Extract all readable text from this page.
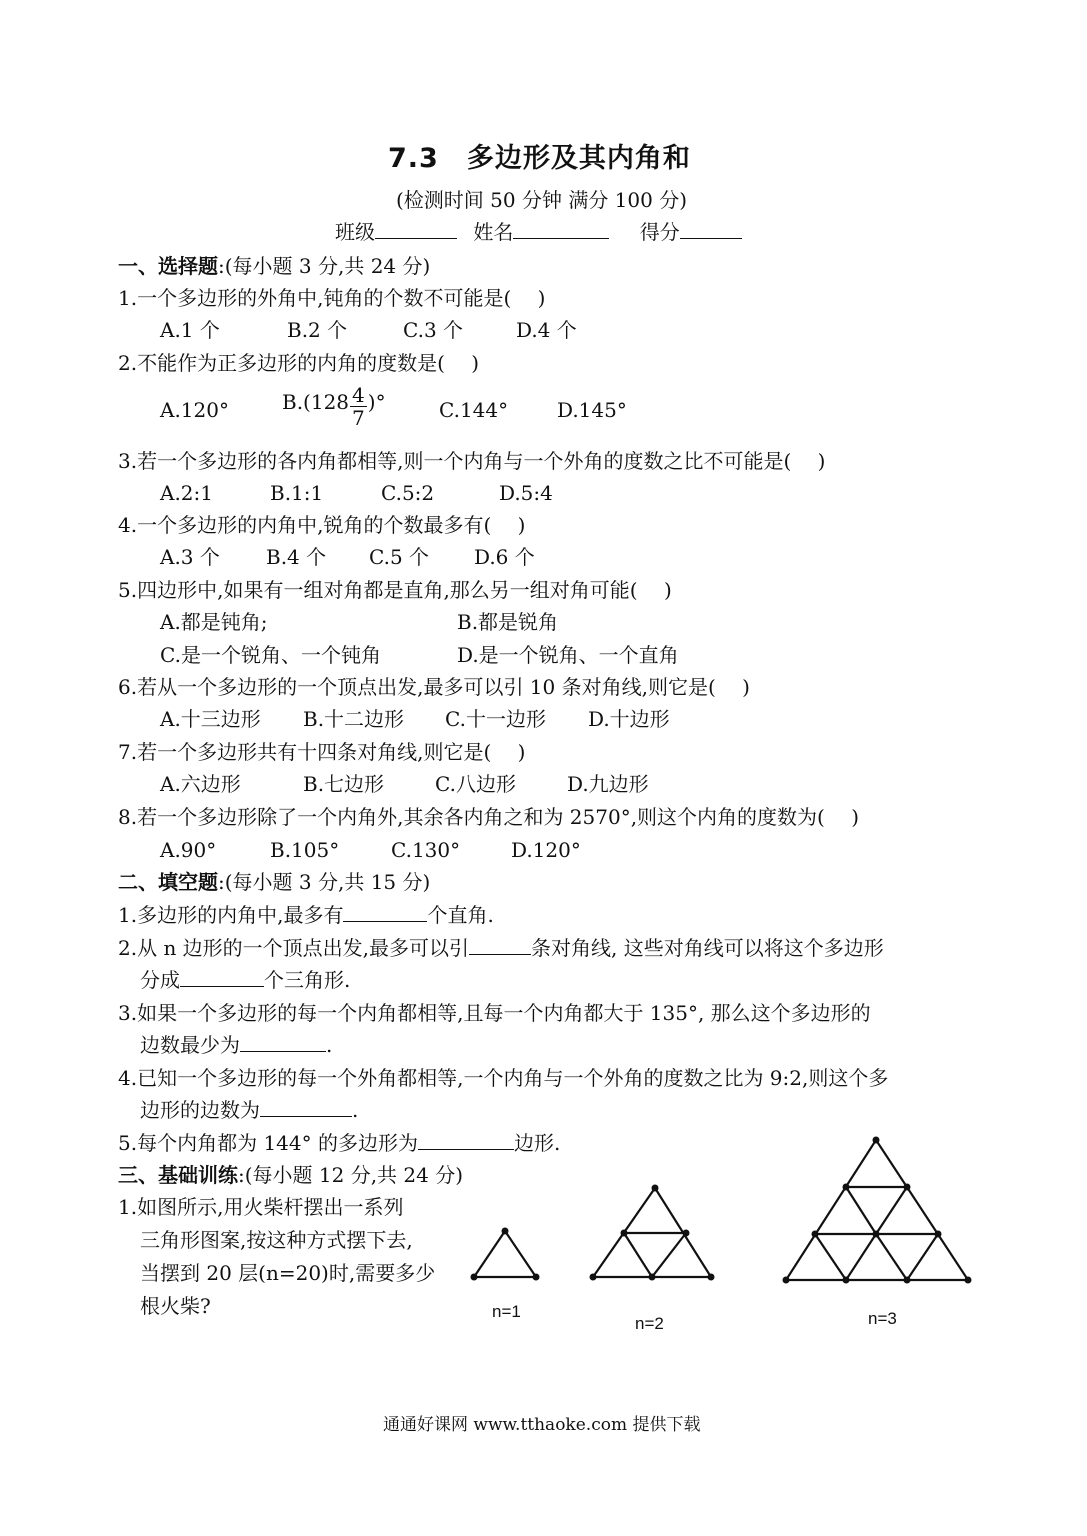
7.3　多边形及其内角和
(检测时间 50 分钟 满分 100 分)
班级	姓名	得分
一、选择题:(每小题 3 分,共 24 分)
1.一个多边形的外角中,钝角的个数不可能是(　 )
A.1 个	B.2 个	C.3 个	D.4 个
2.不能作为正多边形的内角的度数是(　 )
A.120°	$B.(128 \frac{4}{7}$ )°	C.144° D.145°
3.若一个多边形的各内角都相等,则一个内角与一个外角的度数之比不可能是(　 )
A.2:1	B.1:1	C.5:2	D.5:4
4.一个多边形的内角中,锐角的个数最多有(　 )
A.3 个 B.4 个 C.5 个 D.6 个
5.四边形中,如果有一组对角都是直角,那么另一组对角可能(　 )
A.都是钝角;	B.都是锐角
C.是一个锐角、一个钝角	D.是一个锐角、一个直角
6.若从一个多边形的一个顶点出发,最多可以引 10 条对角线,则它是(　 )
A.十三边形 B.十二边形 C.十一边形 D.十边形
7.若一个多边形共有十四条对角线,则它是(　 )
A.六边形	B.七边形	C.八边形	D.九边形
8.若一个多边形除了一个内角外,其余各内角之和为 2570°,则这个内角的度数为(　 )
A.90°	B.105°	C.130°	D.120°
二、填空题:(每小题 3 分,共 15 分)
1.多边形的内角中,最多有	个直角.
2.从 n 边形的一个顶点出发,最多可以引	条对角线, 这些对角线可以将这个多边形
分成	个三角形.
3.如果一个多边形的每一个内角都相等,且每一个内角都大于 135°, 那么这个多边形的
边数最少为	.
4.已知一个多边形的每一个外角都相等,一个内角与一个外角的度数之比为 9:2,则这个多
边形的边数为	.
5.每个内角都为 144° 的多边形为	边形.
三、基础训练:(每小题 12 分,共 24 分)
1.如图所示,用火柴杆摆出一系列
三角形图案,按这种方式摆下去,
当摆到 20 层(n=20)时,需要多少
根火柴?	n=1
n=2	n=3
通通好课网 www.tthaoke.com 提供下载
